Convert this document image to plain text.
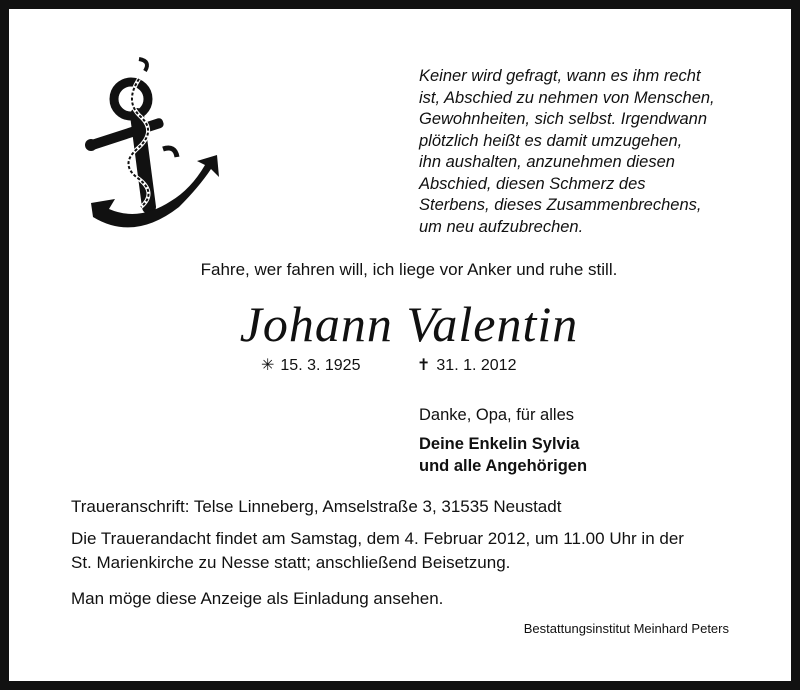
Keiner wird gefragt, wann es ihm recht
ist, Abschied zu nehmen von Menschen,
Gewohnheiten, sich selbst. Irgendwann
plötzlich heißt es damit umzugehen,
ihn aushalten, anzunehmen diesen
Abschied, diesen Schmerz des
Sterbens, dieses Zusammenbrechens,
um neu aufzubrechen.
Fahre, wer fahren will, ich liege vor Anker und ruhe still.
Johann Valentin
✳ 15. 3. 1925	✝ 31. 1. 2012
Danke, Opa, für alles
Deine Enkelin Sylvia
und alle Angehörigen
Traueranschrift: Telse Linneberg, Amselstraße 3, 31535 Neustadt
Die Trauerandacht findet am Samstag, dem 4. Februar 2012, um 11.00 Uhr in der
St. Marienkirche zu Nesse statt; anschließend Beisetzung.
Man möge diese Anzeige als Einladung ansehen.
Bestattungsinstitut Meinhard Peters
